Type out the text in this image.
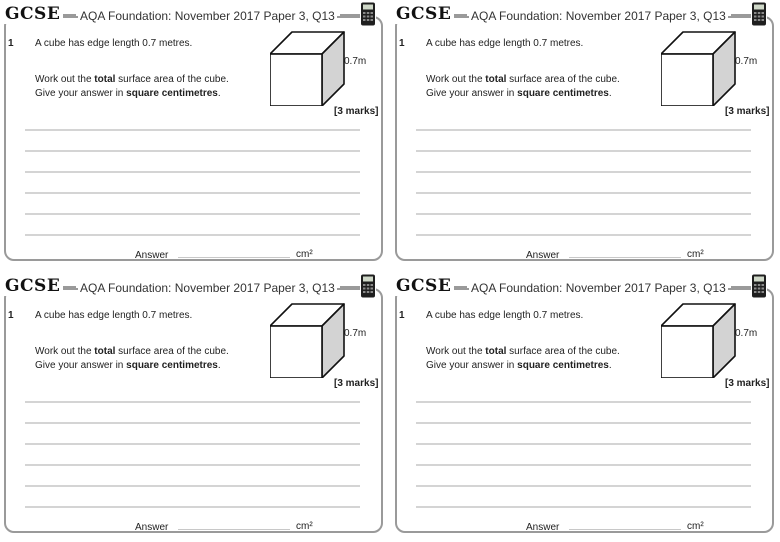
GCSE AQA Foundation: November 2017 Paper 3, Q13
1 A cube has edge length 0.7 metres.
Work out the total surface area of the cube.
Give your answer in square centimetres.
0.7m
[3 marks]
Answer	cm²
GCSE AQA Foundation: November 2017 Paper 3, Q13
1 A cube has edge length 0.7 metres.
Work out the total surface area of the cube.
Give your answer in square centimetres.
0.7m
[3 marks]
Answer	cm²
GCSE AQA Foundation: November 2017 Paper 3, Q13
1 A cube has edge length 0.7 metres.
Work out the total surface area of the cube.
Give your answer in square centimetres.
0.7m
[3 marks]
Answer	cm²
GCSE AQA Foundation: November 2017 Paper 3, Q13
1 A cube has edge length 0.7 metres.
Work out the total surface area of the cube.
Give your answer in square centimetres.
0.7m
[3 marks]
Answer	cm²
